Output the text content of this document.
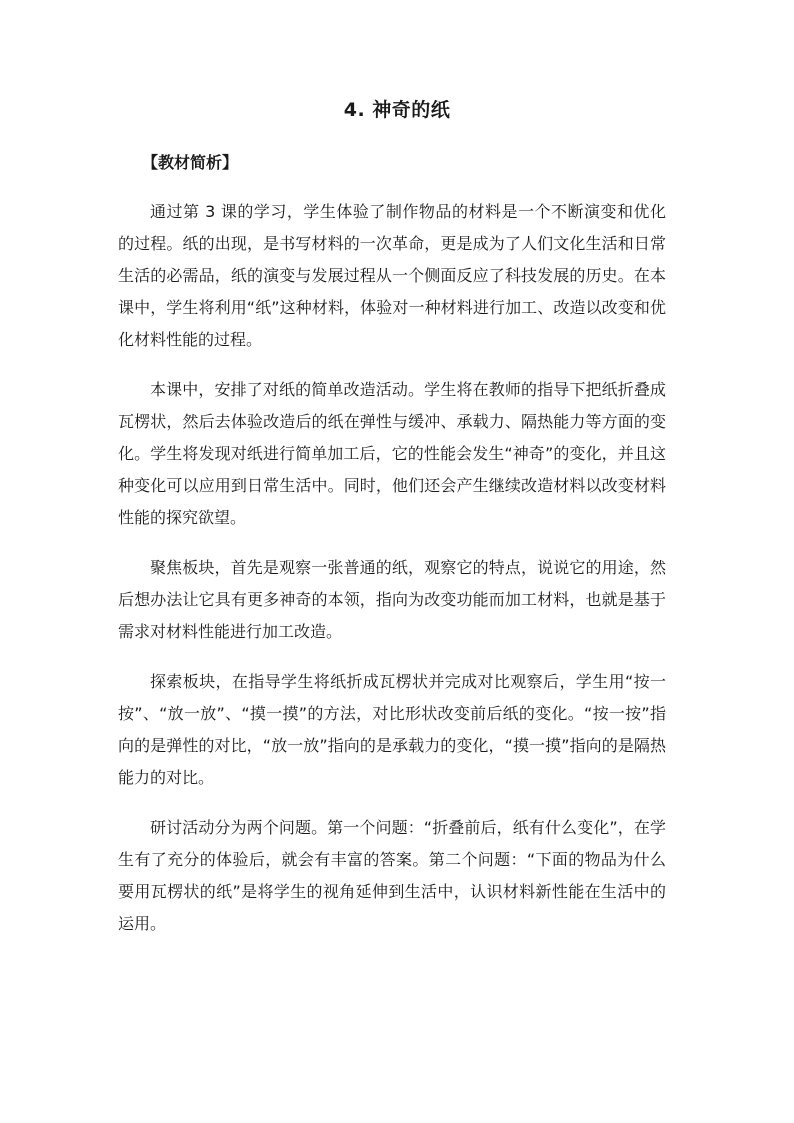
4. 神奇的纸
【教材简析】

通过第 3 课的学习，学生体验了制作物品的材料是一个不断演变和优化的过程。纸的出现，是书写材料的一次革命，更是成为了人们文化生活和日常生活的必需品，纸的演变与发展过程从一个侧面反应了科技发展的历史。在本课中，学生将利用“纸”这种材料，体验对一种材料进行加工、改造以改变和优化材料性能的过程。

本课中，安排了对纸的简单改造活动。学生将在教师的指导下把纸折叠成瓦楞状，然后去体验改造后的纸在弹性与缓冲、承载力、隔热能力等方面的变化。学生将发现对纸进行简单加工后，它的性能会发生“神奇”的变化，并且这种变化可以应用到日常生活中。同时，他们还会产生继续改造材料以改变材料性能的探究欲望。

聚焦板块，首先是观察一张普通的纸，观察它的特点，说说它的用途，然后想办法让它具有更多神奇的本领，指向为改变功能而加工材料，也就是基于需求对材料性能进行加工改造。

探索板块，在指导学生将纸折成瓦楞状并完成对比观察后，学生用“按一按”、“放一放”、“摸一摸”的方法，对比形状改变前后纸的变化。“按一按”指向的是弹性的对比，“放一放”指向的是承载力的变化，“摸一摸”指向的是隔热能力的对比。

研讨活动分为两个问题。第一个问题：“折叠前后，纸有什么变化”，在学生有了充分的体验后，就会有丰富的答案。第二个问题：“下面的物品为什么要用瓦楞状的纸”是将学生的视角延伸到生活中，认识材料新性能在生活中的运用。
